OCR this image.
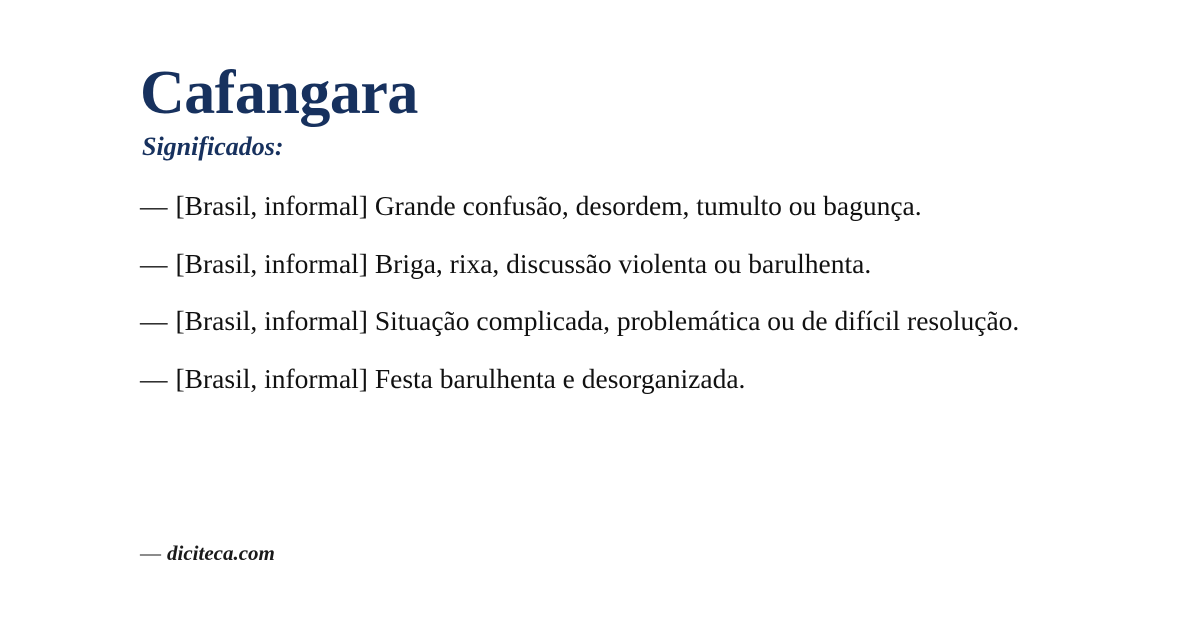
Cafangara
Significados:

— [Brasil, informal] Grande confusão, desordem, tumulto ou bagunça.

— [Brasil, informal] Briga, rixa, discussão violenta ou barulhenta.

— [Brasil, informal] Situação complicada, problemática ou de difícil resolução.

— [Brasil, informal] Festa barulhenta e desorganizada.

— diciteca.com
